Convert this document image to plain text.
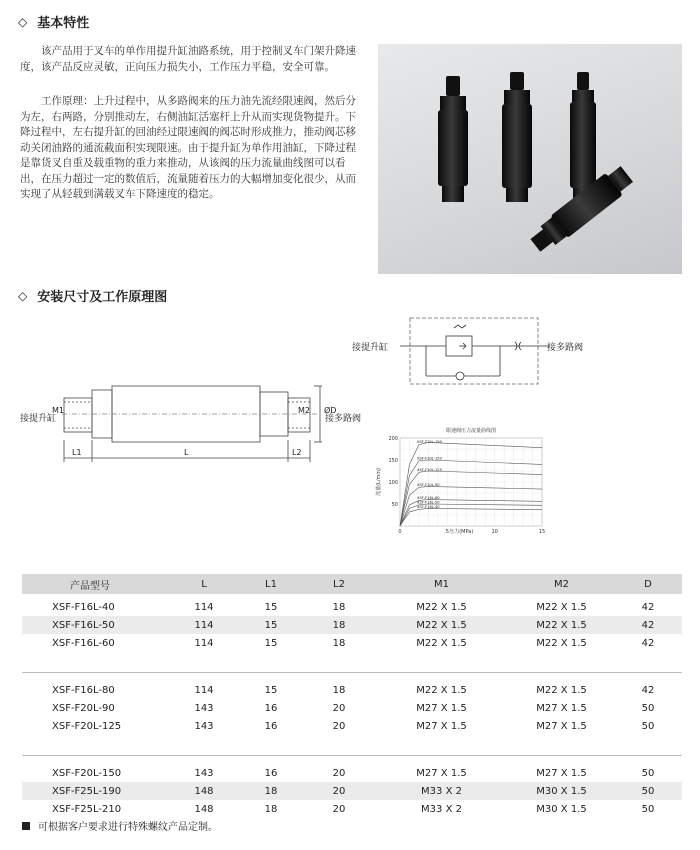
◇ 基本特性
该产品用于叉车的单作用提升缸油路系统，用于控制叉车门架升降速度，该产品反应灵敏，正向压力损失小，工作压力平稳，安全可靠。
工作原理：上升过程中，从多路阀来的压力油先流经限速阀，然后分为左，右两路，分别推动左，右侧油缸活塞杆上升从而实现货物提升。下降过程中，左右提升缸的回油经过限速阀的阀芯时形成推力，推动阀芯移动关闭油路的通流截面积实现限速。由于提升缸为单作用油缸，下降过程是靠货叉自重及载重物的重力来推动，从该阀的压力流量曲线图可以看出，在压力超过一定的数值后，流量随着压力的大幅增加变化很少，从而实现了从轻载到满载叉车下降速度的稳定。
◇ 安装尺寸及工作原理图
M1	M2 ØD
L1	L	L2
接提升缸	接多路阀
接提升缸	接多路阀
限速阀压力流量曲线图
0	5	10	15
50
100
150
200
压力(MPa)
流量(L/min)
XSF-F25L-190
XSF-F20L-150
XSF-F20L-125
XSF-F20L-90
XSF-F16L-60
XSF-F16L-50
XSF-F16L-40
产品型号	L	L1	L2	M1	M2	D
XSF-F16L-40	114	15	18	M22 X 1.5	M22 X 1.5	42
XSF-F16L-50	114	15	18	M22 X 1.5	M22 X 1.5	42
XSF-F16L-60	114	15	18	M22 X 1.5	M22 X 1.5	42
XSF-F16L-80	114	15	18	M22 X 1.5	M22 X 1.5	42
XSF-F20L-90	143	16	20	M27 X 1.5	M27 X 1.5	50
XSF-F20L-125	143	16	20	M27 X 1.5	M27 X 1.5	50
XSF-F20L-150	143	16	20	M27 X 1.5	M27 X 1.5	50
XSF-F25L-190	148	18	20	M33 X 2	M30 X 1.5	50
XSF-F25L-210	148	18	20	M33 X 2	M30 X 1.5	50
可根据客户要求进行特殊螺纹产品定制。
